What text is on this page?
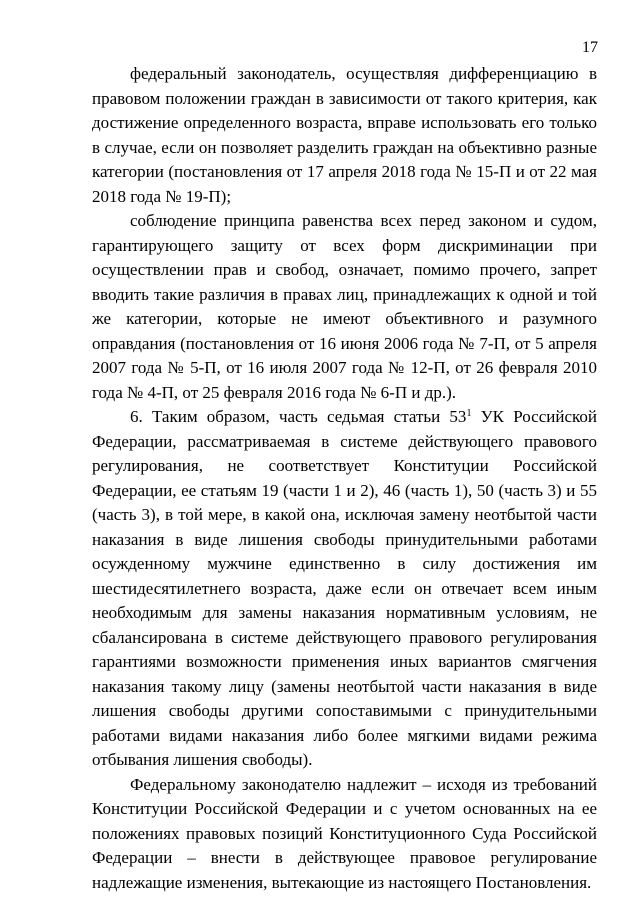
17

федеральный законодатель, осуществляя дифференциацию в правовом положении граждан в зависимости от такого критерия, как достижение определенного возраста, вправе использовать его только в случае, если он позволяет разделить граждан на объективно разные категории (постановления от 17 апреля 2018 года № 15-П и от 22 мая 2018 года № 19-П);

соблюдение принципа равенства всех перед законом и судом, гарантирующего защиту от всех форм дискриминации при осуществлении прав и свобод, означает, помимо прочего, запрет вводить такие различия в правах лиц, принадлежащих к одной и той же категории, которые не имеют объективного и разумного оправдания (постановления от 16 июня 2006 года № 7-П, от 5 апреля 2007 года № 5-П, от 16 июля 2007 года № 12-П, от 26 февраля 2010 года № 4-П, от 25 февраля 2016 года № 6-П и др.).

6. Таким образом, часть седьмая статьи 53$^1$ УК Российской Федерации, рассматриваемая в системе действующего правового регулирования, не соответствует Конституции Российской Федерации, ее статьям 19 (части 1 и 2), 46 (часть 1), 50 (часть 3) и 55 (часть 3), в той мере, в какой она, исключая замену неотбытой части наказания в виде лишения свободы принудительными работами осужденному мужчине единственно в силу достижения им шестидесятилетнего возраста, даже если он отвечает всем иным необходимым для замены наказания нормативным условиям, не сбалансирована в системе действующего правового регулирования гарантиями возможности применения иных вариантов смягчения наказания такому лицу (замены неотбытой части наказания в виде лишения свободы другими сопоставимыми с принудительными работами видами наказания либо более мягкими видами режима отбывания лишения свободы).

Федеральному законодателю надлежит – исходя из требований Конституции Российской Федерации и с учетом основанных на ее положениях правовых позиций Конституционного Суда Российской Федерации – внести в действующее правовое регулирование надлежащие изменения, вытекающие из настоящего Постановления.
